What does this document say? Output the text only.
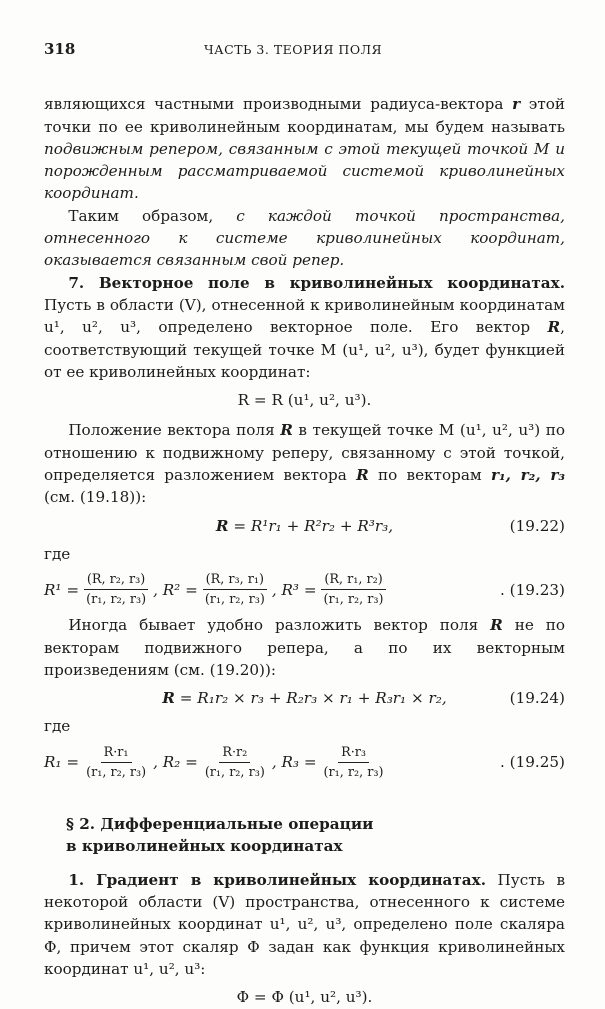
318	ЧАСТЬ 3. ТЕОРИЯ ПОЛЯ

являющихся частными производными радиуса-вектора r этой точки по ее криволинейным координатам, мы будем называть подвижным репером, связанным с этой текущей точкой M и порожденным рассматриваемой системой криволинейных координат.

Таким образом, с каждой точкой пространства, отнесенного к системе криволинейных координат, оказывается связанным свой репер.

7. Векторное поле в криволинейных координатах. Пусть в области (V), отнесенной к криволинейным координатам u¹, u², u³, определено векторное поле. Его вектор R, соответствующий текущей точке M (u¹, u², u³), будет функцией от ее криволинейных координат:

R = R (u¹, u², u³).

Положение вектора поля R в текущей точке M (u¹, u², u³) по отношению к подвижному реперу, связанному с этой точкой, определяется разложением вектора R по векторам r₁, r₂, r₃ (см. (19.18)):

R = R¹r₁ + R²r₂ + R³r₃,	(19.22)
где
$R^1 = \frac{\text{(R, r₂, r₃)}}{\text{(r₁, r₂, r₃)}}$ , $R^2 = \frac{\text{(R, r₃, r₁)}}{\text{(r₁, r₂, r₃)}}$ , $R^3 = \frac{\text{(R, r₁, r₂)}}{\text{(r₁, r₂, r₃)}}$	. (19.23)

Иногда бывает удобно разложить вектор поля R не по векторам подвижного репера, а по их векторным произведениям (см. (19.20)):

R = R₁r₂ × r₃ + R₂r₃ × r₁ + R₃r₁ × r₂,	(19.24)
где
$R_1 = \frac{\text{R·r₁}}{\text{(r₁, r₂, r₃)}}$ , $R_2 = \frac{\text{R·r₂}}{\text{(r₁, r₂, r₃)}}$ , $R_3 = \frac{\text{R·r₃}}{\text{(r₁, r₂, r₃)}}$	. (19.25)
§ 2. Дифференциальные операции
в криволинейных координатах

1. Градиент в криволинейных координатах. Пусть в некоторой области (V) пространства, отнесенного к системе криволинейных координат u¹, u², u³, определено поле скаляра Φ, причем этот скаляр Φ задан как функция криволинейных координат u¹, u², u³:

Φ = Φ (u¹, u², u³).
